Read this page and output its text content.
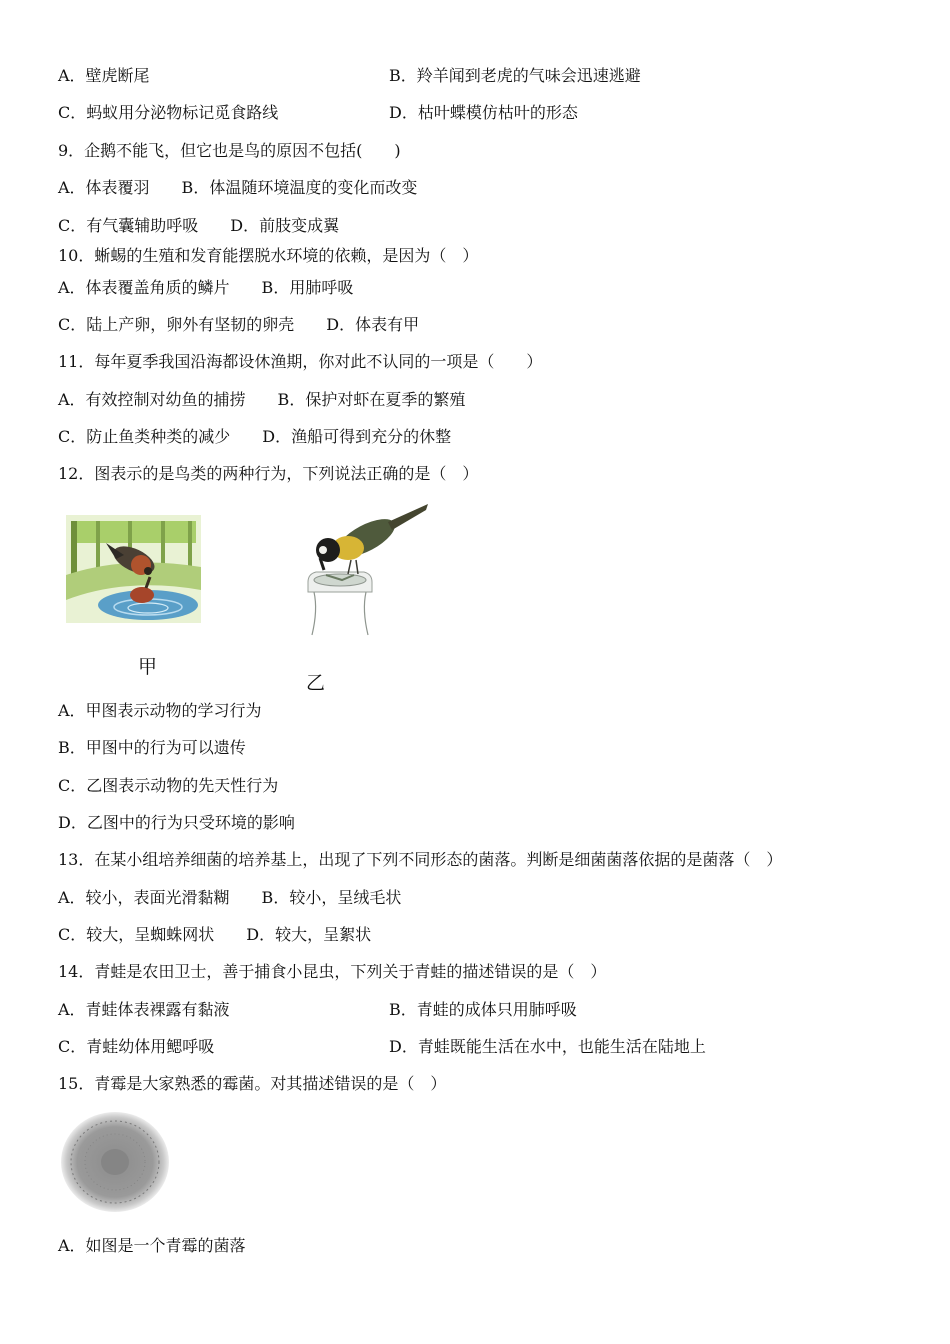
A．壁虎断尾	B．羚羊闻到老虎的气味会迅速逃避
C．蚂蚁用分泌物标记觅食路线	D．枯叶蝶模仿枯叶的形态
9．企鹅不能飞，但它也是鸟的原因不包括(　　)
A．体表覆羽　　B．体温随环境温度的变化而改变
C．有气囊辅助呼吸　　D．前肢变成翼
10．蜥蜴的生殖和发育能摆脱水环境的依赖，是因为（　）
A．体表覆盖角质的鳞片　　B．用肺呼吸
C．陆上产卵，卵外有坚韧的卵壳　　D．体表有甲
11．每年夏季我国沿海都设休渔期，你对此不认同的一项是（　　）
A．有效控制对幼鱼的捕捞　　B．保护对虾在夏季的繁殖
C．防止鱼类种类的减少　　D．渔船可得到充分的休整
12．图表示的是鸟类的两种行为，下列说法正确的是（　）
甲
乙
A．甲图表示动物的学习行为
B．甲图中的行为可以遗传
C．乙图表示动物的先天性行为
D．乙图中的行为只受环境的影响
13．在某小组培养细菌的培养基上，出现了下列不同形态的菌落。判断是细菌菌落依据的是菌落（　）
A．较小，表面光滑黏糊　　B．较小，呈绒毛状
C．较大，呈蜘蛛网状　　D．较大，呈絮状
14．青蛙是农田卫士，善于捕食小昆虫，下列关于青蛙的描述错误的是（　）
A．青蛙体表裸露有黏液	B．青蛙的成体只用肺呼吸
C．青蛙幼体用鳃呼吸	D．青蛙既能生活在水中，也能生活在陆地上
15．青霉是大家熟悉的霉菌。对其描述错误的是（　）
A．如图是一个青霉的菌落
